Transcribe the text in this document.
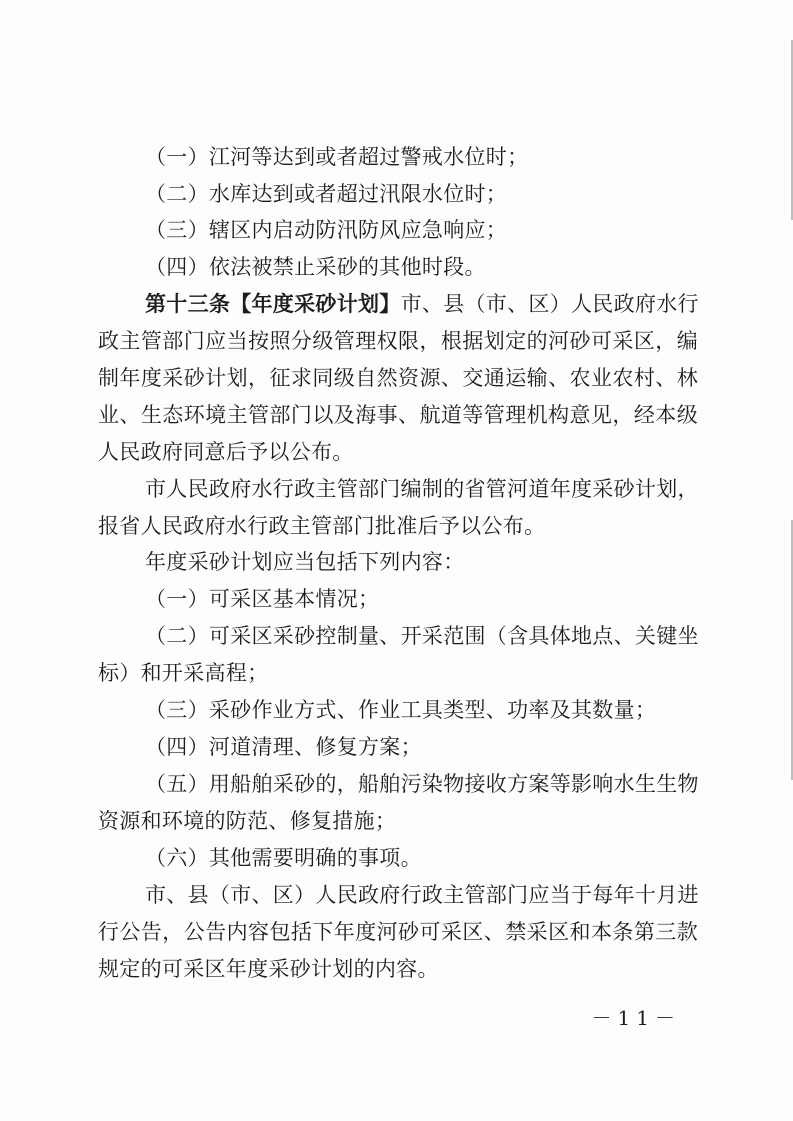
（一）江河等达到或者超过警戒水位时；
（二）水库达到或者超过汛限水位时；
（三）辖区内启动防汛防风应急响应；
（四）依法被禁止采砂的其他时段。
第十三条【年度采砂计划】市、县（市、区）人民政府水行
政主管部门应当按照分级管理权限，根据划定的河砂可采区，编
制年度采砂计划，征求同级自然资源、交通运输、农业农村、林
业、生态环境主管部门以及海事、航道等管理机构意见，经本级
人民政府同意后予以公布。
市人民政府水行政主管部门编制的省管河道年度采砂计划，
报省人民政府水行政主管部门批准后予以公布。
年度采砂计划应当包括下列内容：
（一）可采区基本情况；
（二）可采区采砂控制量、开采范围（含具体地点、关键坐
标）和开采高程；
（三）采砂作业方式、作业工具类型、功率及其数量；
（四）河道清理、修复方案；
（五）用船舶采砂的，船舶污染物接收方案等影响水生生物
资源和环境的防范、修复措施；
（六）其他需要明确的事项。
市、县（市、区）人民政府行政主管部门应当于每年十月进
行公告，公告内容包括下年度河砂可采区、禁采区和本条第三款
规定的可采区年度采砂计划的内容。
－11－
